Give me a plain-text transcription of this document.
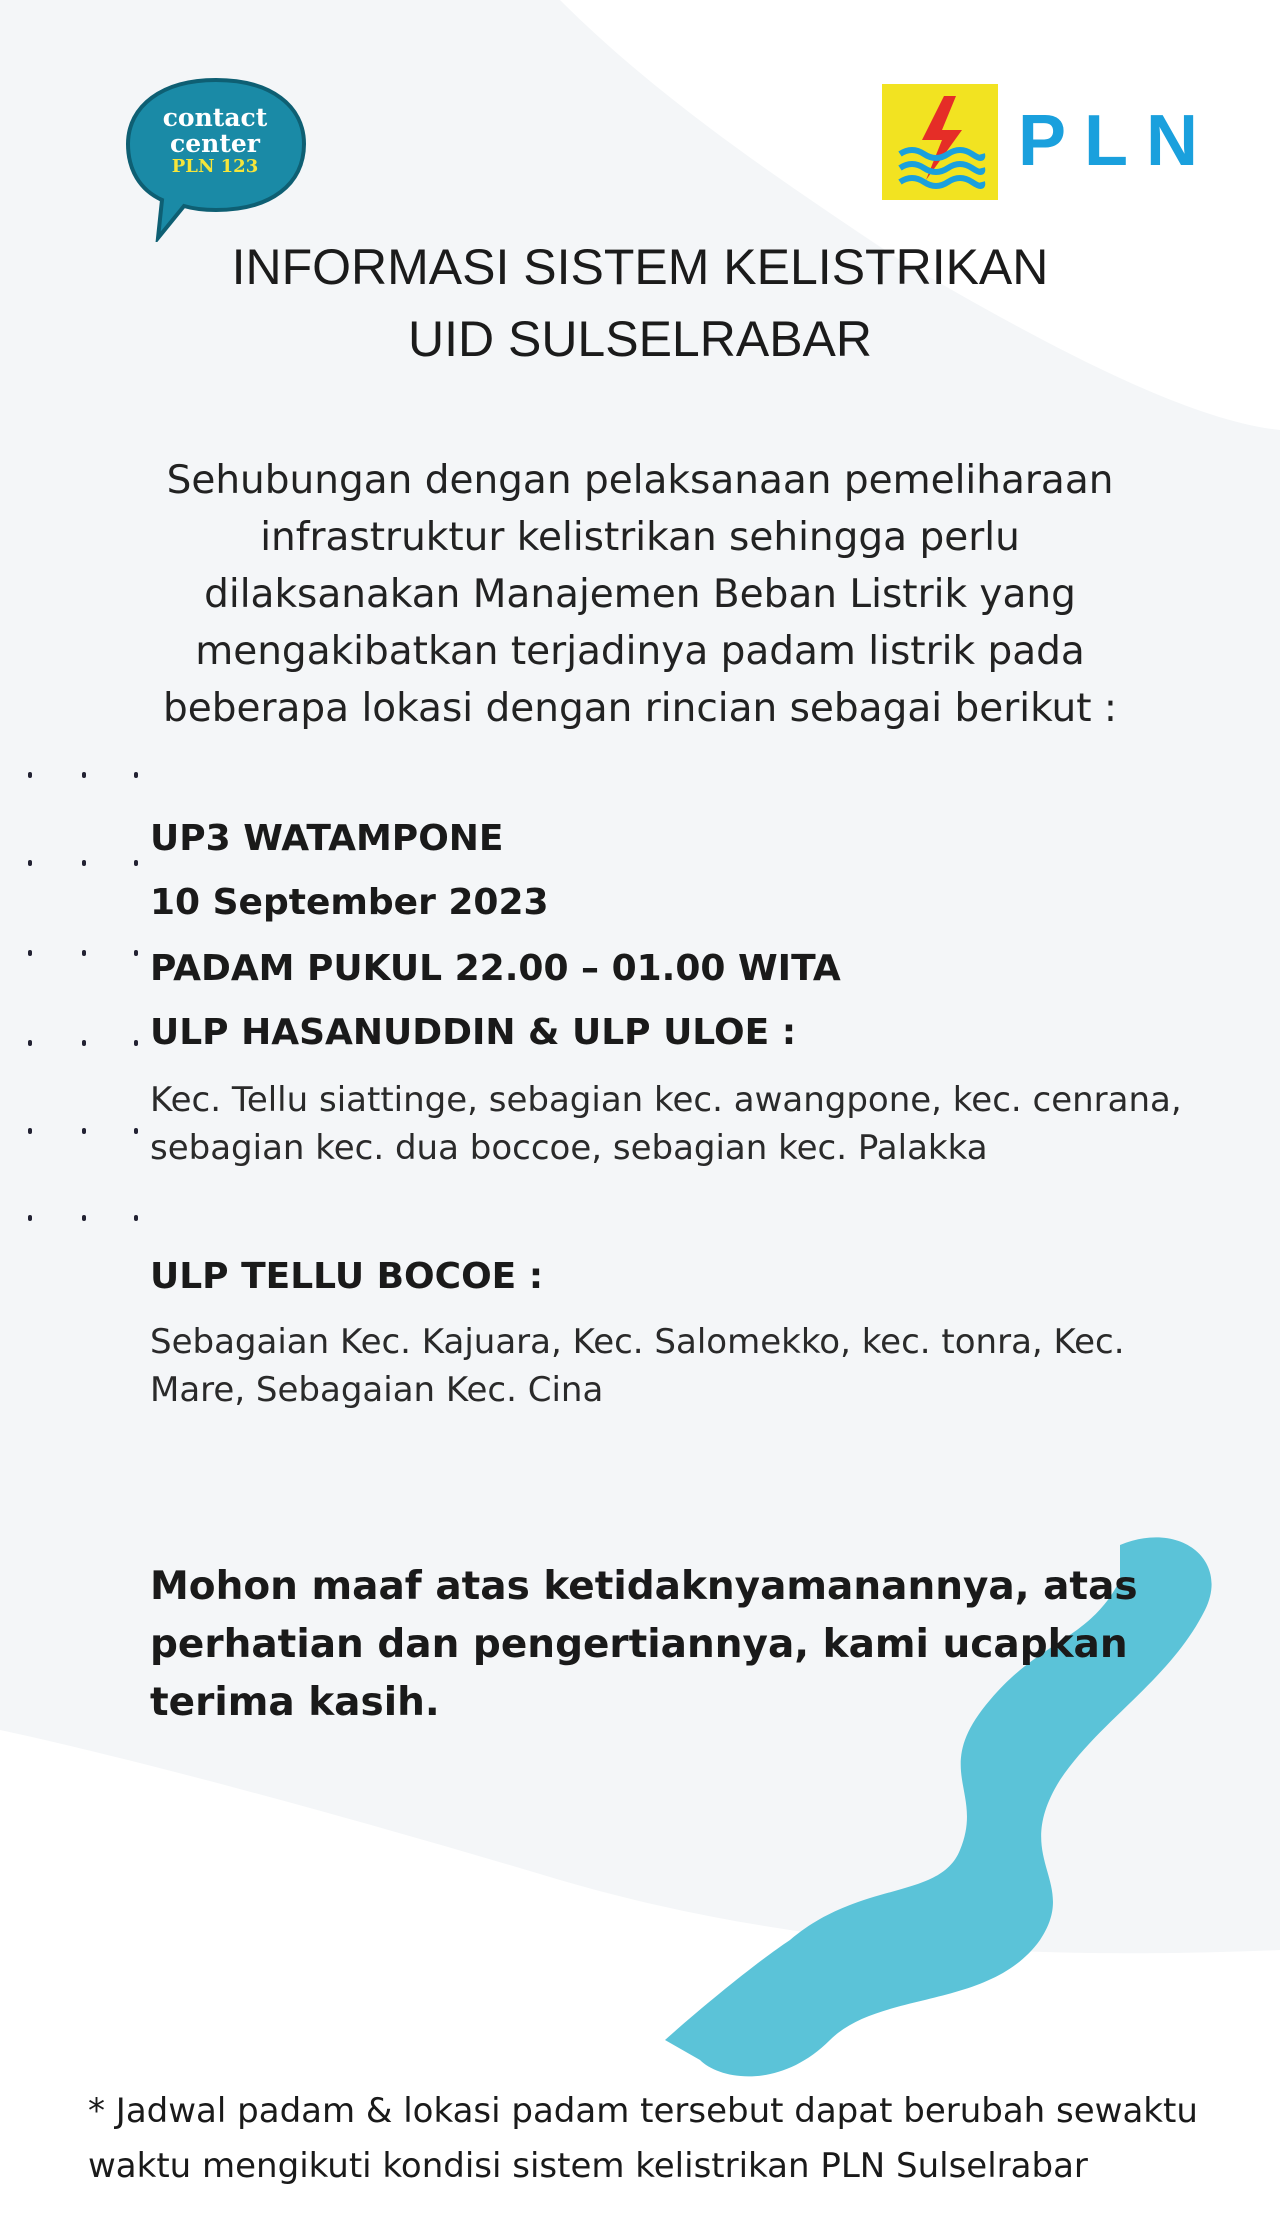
contact
center
PLN 123	PLN
INFORMASI SISTEM KELISTRIKAN
UID SULSELRABAR
Sehubungan dengan pelaksanaan pemeliharaan
infrastruktur kelistrikan sehingga perlu
dilaksanakan Manajemen Beban Listrik yang
mengakibatkan terjadinya padam listrik pada
beberapa lokasi dengan rincian sebagai berikut :
UP3 WATAMPONE
10 September 2023
PADAM PUKUL 22.00 – 01.00 WITA
ULP HASANUDDIN & ULP ULOE :
Kec. Tellu siattinge, sebagian kec. awangpone, kec. cenrana,
sebagian kec. dua boccoe, sebagian kec. Palakka
ULP TELLU BOCOE :
Sebagaian Kec. Kajuara, Kec. Salomekko, kec. tonra, Kec.
Mare, Sebagaian Kec. Cina
Mohon maaf atas ketidaknyamanannya, atas
perhatian dan pengertiannya, kami ucapkan
terima kasih.
* Jadwal padam & lokasi padam tersebut dapat berubah sewaktu
waktu mengikuti kondisi sistem kelistrikan PLN Sulselrabar
